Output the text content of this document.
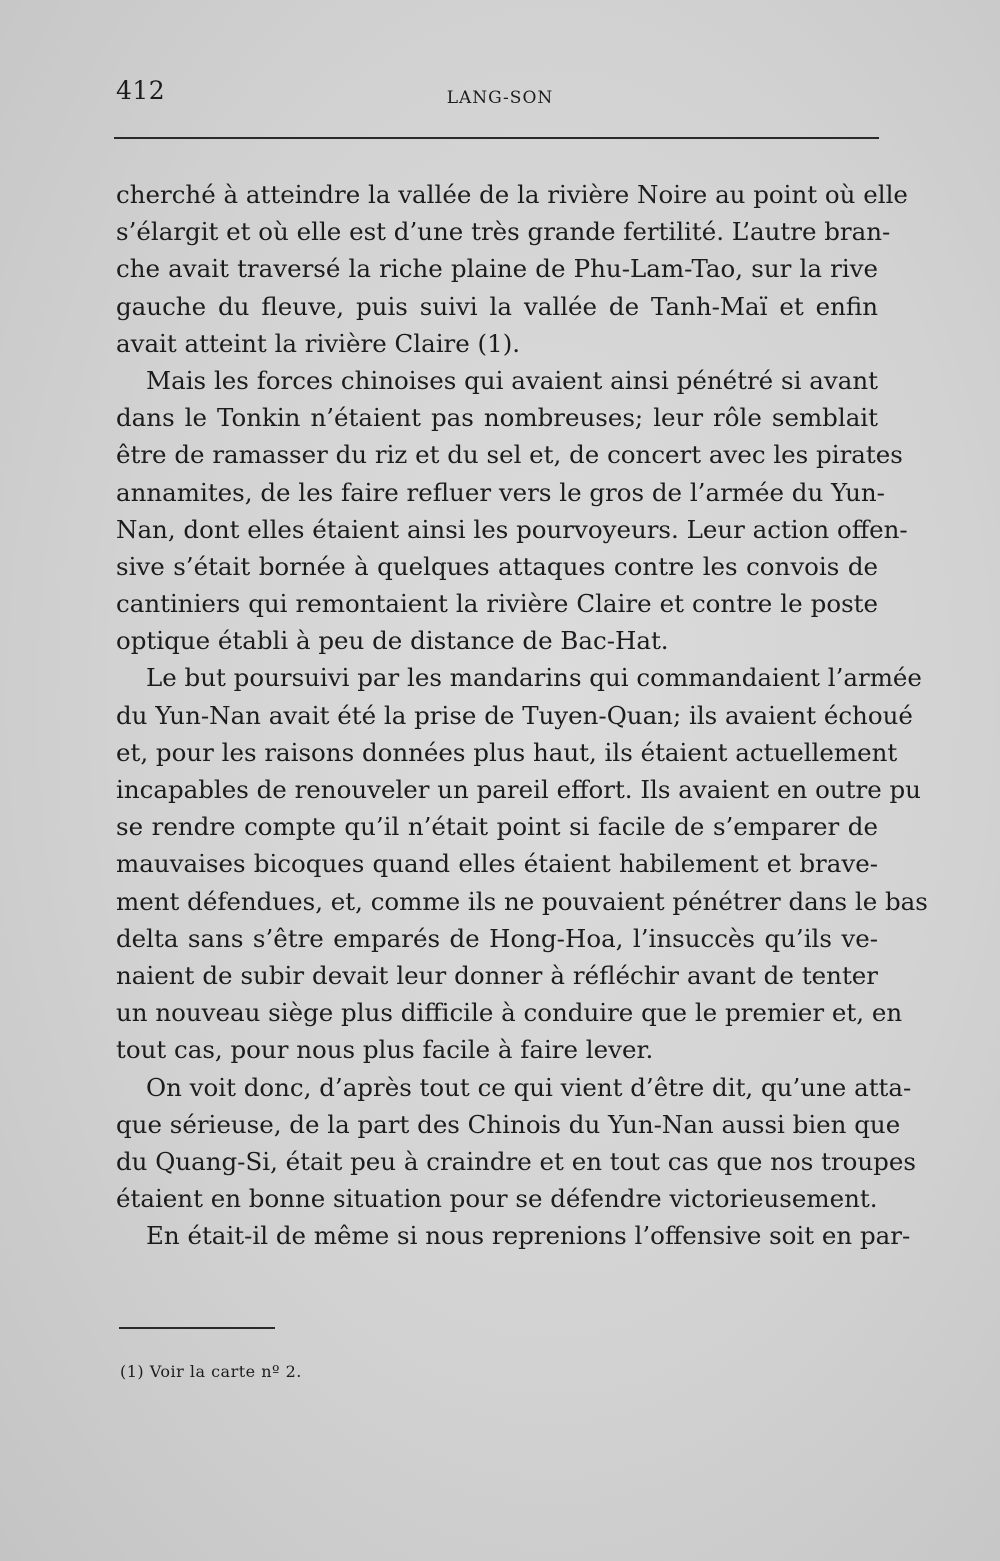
412	LANG-SON
cherché à atteindre la vallée de la rivière Noire au point où elle
s’élargit et où elle est d’une très grande fertilité. L’autre bran-
che avait traversé la riche plaine de Phu-Lam-Tao, sur la rive
gauche du fleuve, puis suivi la vallée de Tanh-Maï et enfin
avait atteint la rivière Claire (1).
Mais les forces chinoises qui avaient ainsi pénétré si avant
dans le Tonkin n’étaient pas nombreuses; leur rôle semblait
être de ramasser du riz et du sel et, de concert avec les pirates
annamites, de les faire refluer vers le gros de l’armée du Yun-
Nan, dont elles étaient ainsi les pourvoyeurs. Leur action offen-
sive s’était bornée à quelques attaques contre les convois de
cantiniers qui remontaient la rivière Claire et contre le poste
optique établi à peu de distance de Bac-Hat.
Le but poursuivi par les mandarins qui commandaient l’armée
du Yun-Nan avait été la prise de Tuyen-Quan; ils avaient échoué
et, pour les raisons données plus haut, ils étaient actuellement
incapables de renouveler un pareil effort. Ils avaient en outre pu
se rendre compte qu’il n’était point si facile de s’emparer de
mauvaises bicoques quand elles étaient habilement et brave-
ment défendues, et, comme ils ne pouvaient pénétrer dans le bas
delta sans s’être emparés de Hong-Hoa, l’insuccès qu’ils ve-
naient de subir devait leur donner à réfléchir avant de tenter
un nouveau siège plus difficile à conduire que le premier et, en
tout cas, pour nous plus facile à faire lever.
On voit donc, d’après tout ce qui vient d’être dit, qu’une atta-
que sérieuse, de la part des Chinois du Yun-Nan aussi bien que
du Quang-Si, était peu à craindre et en tout cas que nos troupes
étaient en bonne situation pour se défendre victorieusement.
En était-il de même si nous reprenions l’offensive soit en par-
(1) Voir la carte nº 2.
